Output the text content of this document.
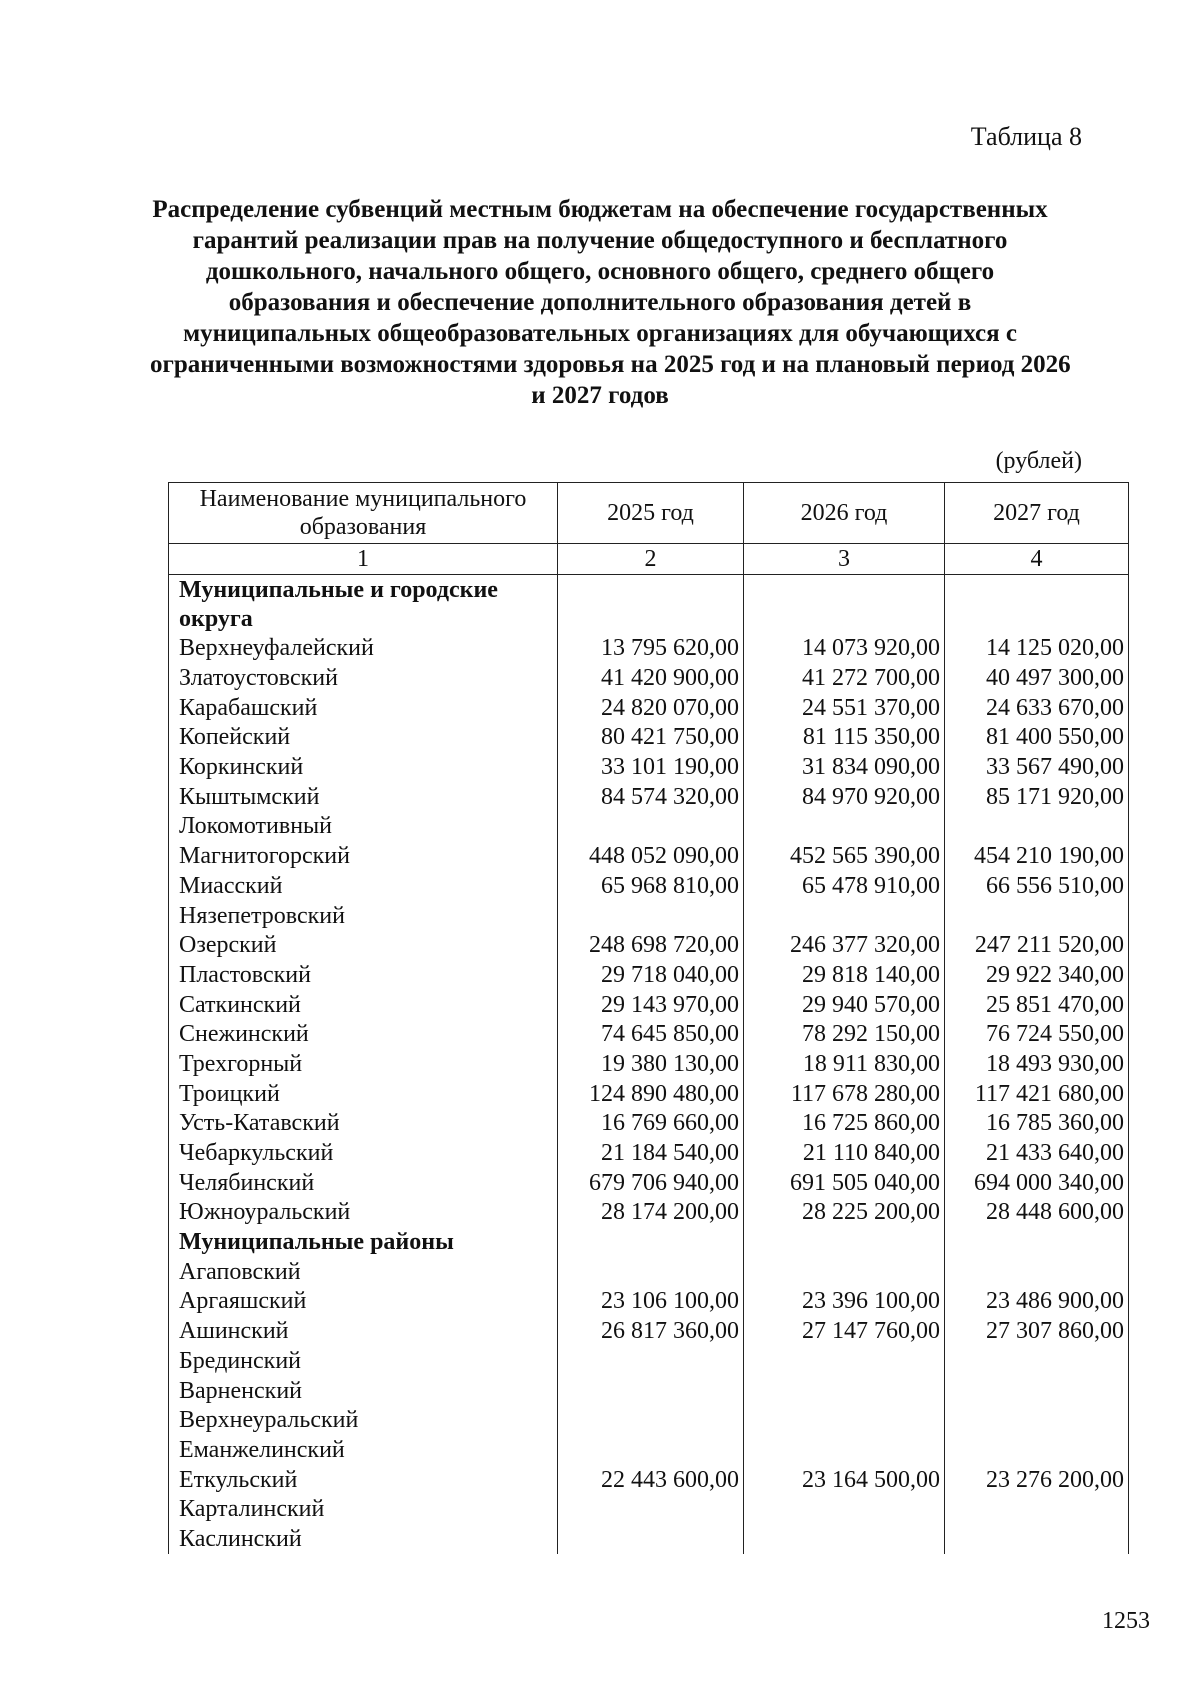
Таблица 8
Распределение субвенций местным бюджетам на обеспечение государственных
гарантий реализации прав на получение общедоступного и бесплатного
дошкольного, начального общего, основного общего, среднего общего
образования и обеспечение дополнительного образования детей в
муниципальных общеобразовательных организациях для обучающихся с
ограниченными возможностями здоровья на 2025 год и на плановый период 2026
и 2027 годов
(рублей)
Наименование муниципального образования	2025 год	2026 год	2027 год
1	2	3	4
Муниципальные и городские округа			
Верхнеуфалейский	13 795 620,00	14 073 920,00	14 125 020,00
Златоустовский	41 420 900,00	41 272 700,00	40 497 300,00
Карабашский	24 820 070,00	24 551 370,00	24 633 670,00
Копейский	80 421 750,00	81 115 350,00	81 400 550,00
Коркинский	33 101 190,00	31 834 090,00	33 567 490,00
Кыштымский	84 574 320,00	84 970 920,00	85 171 920,00
Локомотивный			
Магнитогорский	448 052 090,00	452 565 390,00	454 210 190,00
Миасский	65 968 810,00	65 478 910,00	66 556 510,00
Нязепетровский			
Озерский	248 698 720,00	246 377 320,00	247 211 520,00
Пластовский	29 718 040,00	29 818 140,00	29 922 340,00
Саткинский	29 143 970,00	29 940 570,00	25 851 470,00
Снежинский	74 645 850,00	78 292 150,00	76 724 550,00
Трехгорный	19 380 130,00	18 911 830,00	18 493 930,00
Троицкий	124 890 480,00	117 678 280,00	117 421 680,00
Усть-Катавский	16 769 660,00	16 725 860,00	16 785 360,00
Чебаркульский	21 184 540,00	21 110 840,00	21 433 640,00
Челябинский	679 706 940,00	691 505 040,00	694 000 340,00
Южноуральский	28 174 200,00	28 225 200,00	28 448 600,00
Муниципальные районы			
Агаповский			
Аргаяшский	23 106 100,00	23 396 100,00	23 486 900,00
Ашинский	26 817 360,00	27 147 760,00	27 307 860,00
Брединский			
Варненский			
Верхнеуральский			
Еманжелинский			
Еткульский	22 443 600,00	23 164 500,00	23 276 200,00
Карталинский			
Каслинский			
1253
